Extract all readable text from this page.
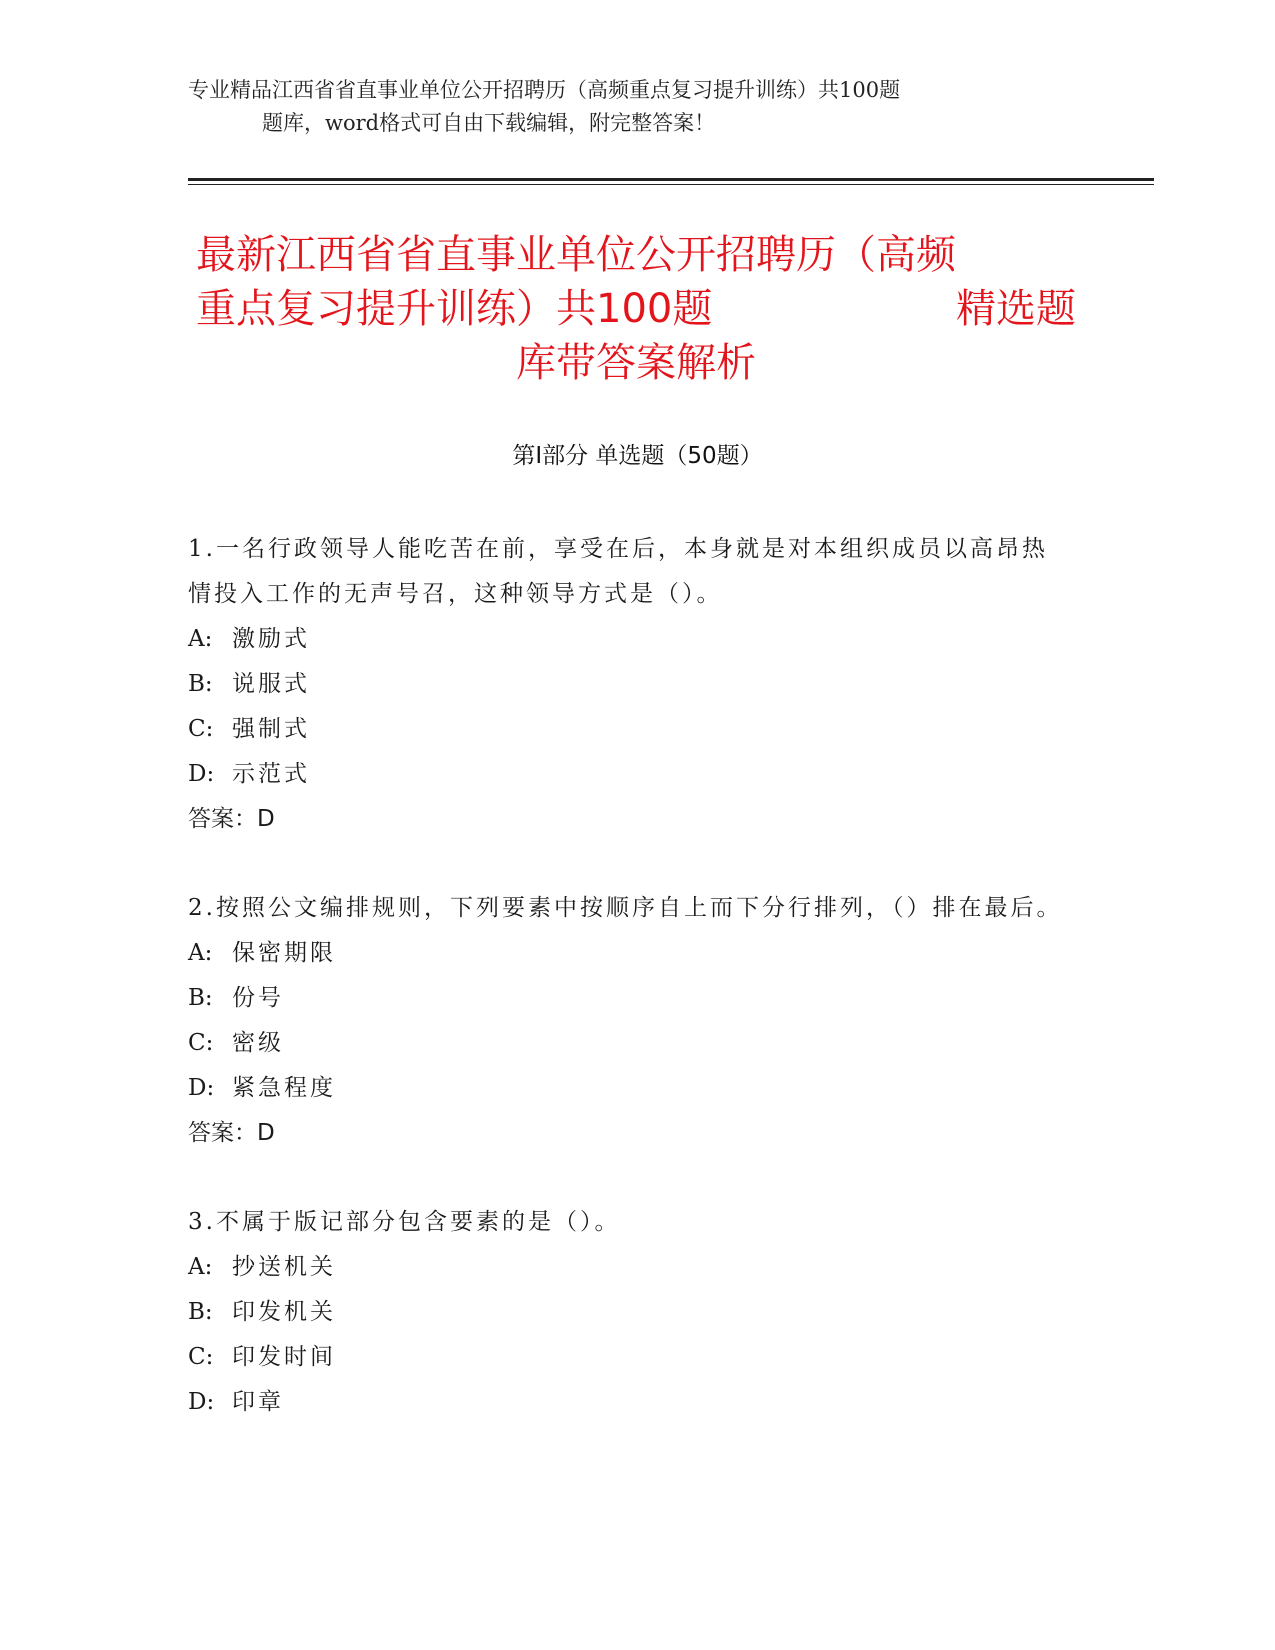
专业精品江西省省直事业单位公开招聘历（高频重点复习提升训练）共100题
题库，word格式可自由下载编辑，附完整答案！
最新江西省省直事业单位公开招聘历（高频
重点复习提升训练）共100题	精选题
库带答案解析
第Ⅰ部分 单选题（50题）
1.一名行政领导人能吃苦在前，享受在后，本身就是对本组织成员以高昂热情投入工作的无声号召，这种领导方式是（）。
A: 激励式
B: 说服式
C: 强制式
D: 示范式
答案：D
2.按照公文编排规则，下列要素中按顺序自上而下分行排列，（）排在最后。
A: 保密期限
B: 份号
C: 密级
D: 紧急程度
答案：D
3.不属于版记部分包含要素的是（）。
A: 抄送机关
B: 印发机关
C: 印发时间
D: 印章
